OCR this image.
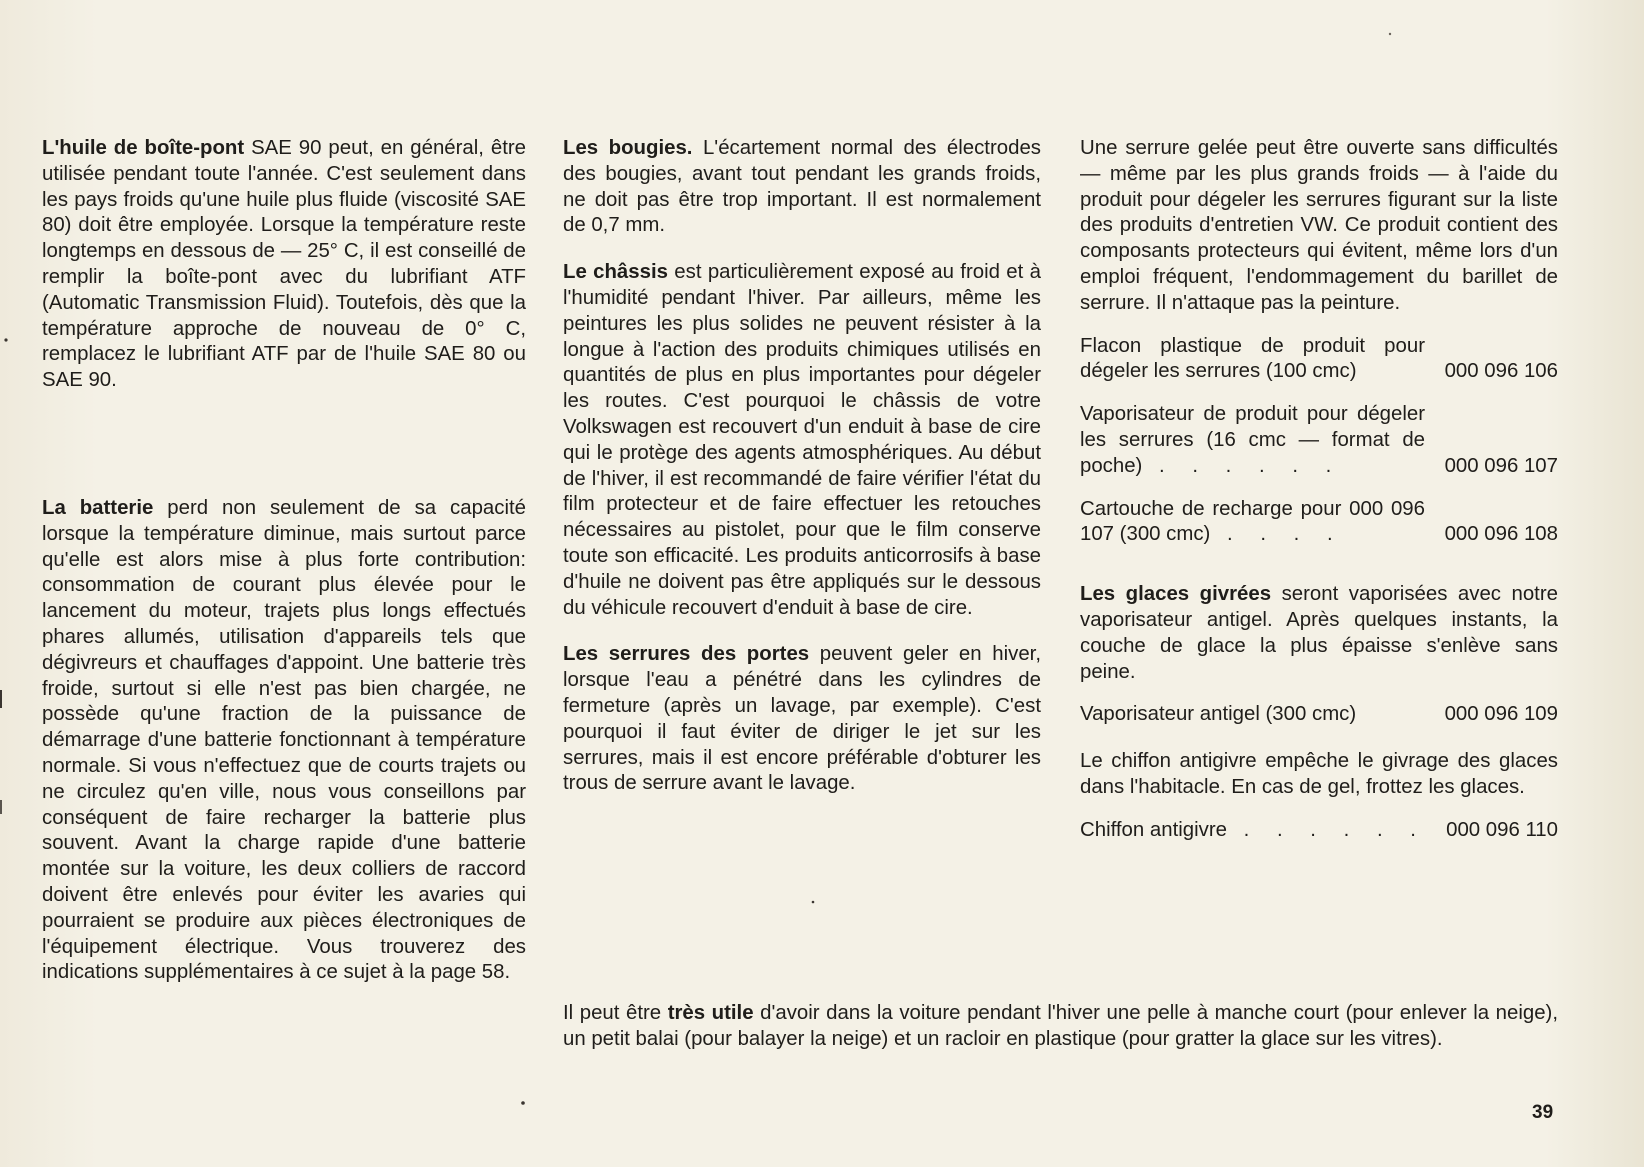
L'huile de boîte-pont SAE 90 peut, en général, être utilisée pendant toute l'année. C'est seulement dans les pays froids qu'une huile plus fluide (viscosité SAE 80) doit être employée. Lorsque la température reste longtemps en dessous de — 25° C, il est conseillé de remplir la boîte-pont avec du lubrifiant ATF (Automatic Transmission Fluid). Toutefois, dès que la température approche de nouveau de 0° C, remplacez le lubrifiant ATF par de l'huile SAE 80 ou SAE 90.

La batterie perd non seulement de sa capacité lorsque la température diminue, mais surtout parce qu'elle est alors mise à plus forte contribution: consommation de courant plus élevée pour le lancement du moteur, trajets plus longs effectués phares allumés, utilisation d'appareils tels que dégivreurs et chauffages d'appoint. Une batterie très froide, surtout si elle n'est pas bien chargée, ne possède qu'une fraction de la puissance de démarrage d'une batterie fonctionnant à température normale. Si vous n'effectuez que de courts trajets ou ne circulez qu'en ville, nous vous conseillons par conséquent de faire recharger la batterie plus souvent. Avant la charge rapide d'une batterie montée sur la voiture, les deux colliers de raccord doivent être enlevés pour éviter les avaries qui pourraient se produire aux pièces électroniques de l'équipement électrique. Vous trouverez des indications supplémentaires à ce sujet à la page 58.

Les bougies. L'écartement normal des électrodes des bougies, avant tout pendant les grands froids, ne doit pas être trop important. Il est normalement de 0,7 mm.

Le châssis est particulièrement exposé au froid et à l'humidité pendant l'hiver. Par ailleurs, même les peintures les plus solides ne peuvent résister à la longue à l'action des produits chimiques utilisés en quantités de plus en plus importantes pour dégeler les routes. C'est pourquoi le châssis de votre Volkswagen est recouvert d'un enduit à base de cire qui le protège des agents atmosphériques. Au début de l'hiver, il est recommandé de faire vérifier l'état du film protecteur et de faire effectuer les retouches nécessaires au pistolet, pour que le film conserve toute son efficacité. Les produits anticorrosifs à base d'huile ne doivent pas être appliqués sur le dessous du véhicule recouvert d'enduit à base de cire.

Les serrures des portes peuvent geler en hiver, lorsque l'eau a pénétré dans les cylindres de fermeture (après un lavage, par exemple). C'est pourquoi il faut éviter de diriger le jet sur les serrures, mais il est encore préférable d'obturer les trous de serrure avant le lavage.

Une serrure gelée peut être ouverte sans difficultés — même par les plus grands froids — à l'aide du produit pour dégeler les serrures figurant sur la liste des produits d'entretien VW. Ce produit contient des composants protecteurs qui évitent, même lors d'un emploi fréquent, l'endommagement du barillet de serrure. Il n'attaque pas la peinture.

Flacon plastique de produit pour dégeler les serrures (100 cmc)	000 096 106
Vaporisateur de produit pour dégeler les serrures (16 cmc — format de poche) . . . . . .	000 096 107
Cartouche de recharge pour 000 096 107 (300 cmc) . . . .	000 096 108

Les glaces givrées seront vaporisées avec notre vaporisateur antigel. Après quelques instants, la couche de glace la plus épaisse s'enlève sans peine.

Vaporisateur antigel (300 cmc)	000 096 109

Le chiffon antigivre empêche le givrage des glaces dans l'habitacle. En cas de gel, frottez les glaces.

Chiffon antigivre . . . . . . 000 096 110

Il peut être très utile d'avoir dans la voiture pendant l'hiver une pelle à manche court (pour enlever la neige), un petit balai (pour balayer la neige) et un racloir en plastique (pour gratter la glace sur les vitres).

39
